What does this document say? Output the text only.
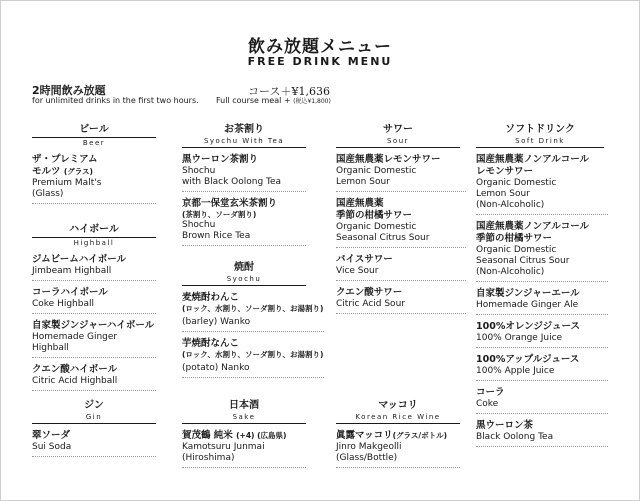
飲み放題メニュー
FREE DRINK MENU
2時間飲み放題
for unlimited drinks in the first two hours.
コース＋¥1,636
Full course meal + (税込¥1,800)
ビール
Beer
ザ・プレミアム
モルツ (グラス)
Premium Malt's
(Glass)
ハイボール
Highball
ジムビームハイボール
Jimbeam Highball
コーラハイボール
Coke Highball
自家製ジンジャーハイボール
Homemade Ginger Highball
クエン酸ハイボール
Citric Acid Highball
ジン
Gin
翠ソーダ
Sui Soda
お茶割り
Syochu With Tea
黒ウーロン茶割り
Shochu
with Black Oolong Tea
京都一保堂玄米茶割り
(茶割り、ソーダ割り)
Shochu
Brown Rice Tea
焼酎
Syochu
麦焼酎わんこ
(ロック、水割り、ソーダ割り、お湯割り)
(barley) Wanko
芋焼酎なんこ
(ロック、水割り、ソーダ割り、お湯割り)
(potato) Nanko
日本酒
Sake
賀茂鶴 純米 (+4) (広島県)
Kamotsuru Junmai
(Hiroshima)
サワー
Sour
国産無農薬レモンサワー
Organic Domestic
Lemon Sour
国産無農薬
季節の柑橘サワー
Organic Domestic
Seasonal Citrus Sour
バイスサワー
Vice Sour
クエン酸サワー
Citric Acid Sour
マッコリ
Korean Rice Wine
眞露マッコリ(グラス/ボトル)
Jinro Makgeolli
(Glass/Bottle)
ソフトドリンク
Soft Drink
国産無農薬ノンアルコール
レモンサワー
Organic Domestic
Lemon Sour
(Non-Alcoholic)
国産無農薬ノンアルコール
季節の柑橘サワー
Organic Domestic
Seasonal Citrus Sour
(Non-Alcoholic)
自家製ジンジャーエール
Homemade Ginger Ale
100%オレンジジュース
100% Orange Juice
100%アップルジュース
100% Apple Juice
コーラ
Coke
黒ウーロン茶
Black Oolong Tea
